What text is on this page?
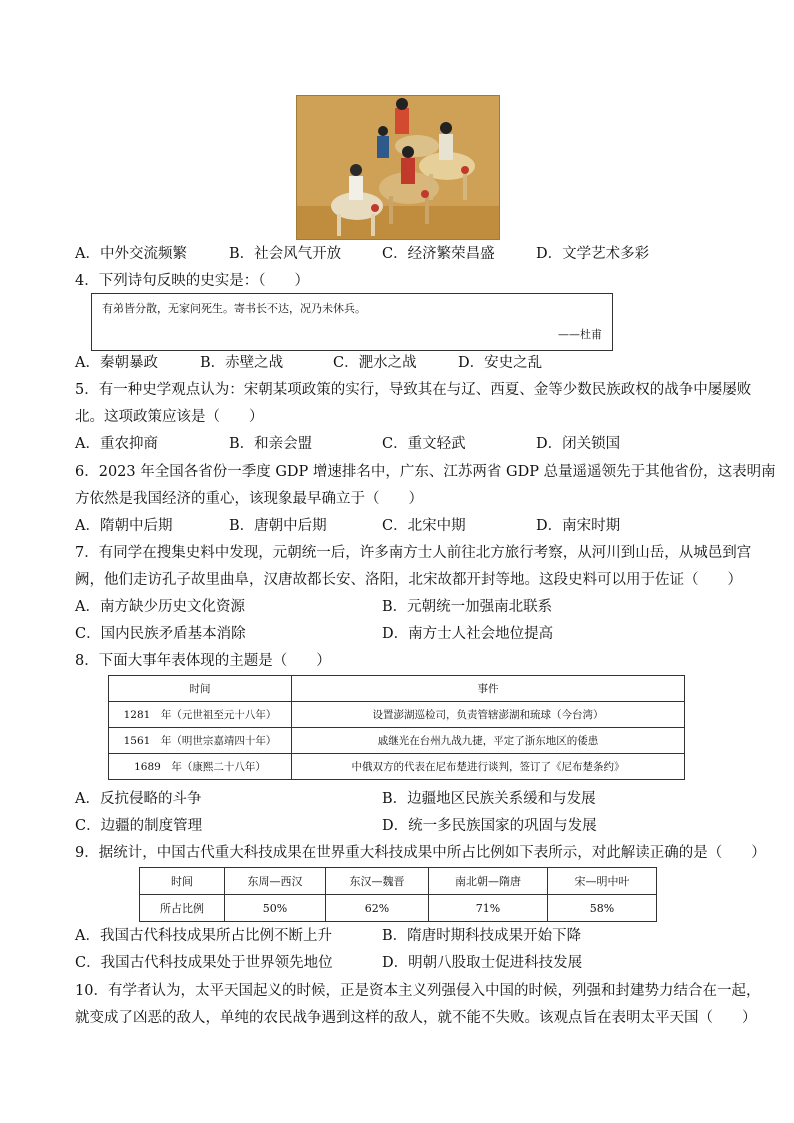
A．中外交流频繁	B．社会风气开放	C．经济繁荣昌盛	D．文学艺术多彩
4．下列诗句反映的史实是：（　　）
有弟皆分散，无家问死生。寄书长不达，况乃未休兵。
——杜甫
A．秦朝暴政	B．赤壁之战	C．淝水之战	D．安史之乱
5．有一种史学观点认为：宋朝某项政策的实行，导致其在与辽、西夏、金等少数民族政权的战争中屡屡败
北。这项政策应该是（　　）
A．重农抑商	B．和亲会盟	C．重文轻武	D．闭关锁国
6．2023 年全国各省份一季度 GDP 增速排名中，广东、江苏两省 GDP 总量遥遥领先于其他省份，这表明南
方依然是我国经济的重心，该现象最早确立于（　　）
A．隋朝中后期	B．唐朝中后期	C．北宋中期	D．南宋时期
7．有同学在搜集史料中发现，元朝统一后，许多南方士人前往北方旅行考察，从河川到山岳，从城邑到宫
阙，他们走访孔子故里曲阜，汉唐故都长安、洛阳，北宋故都开封等地。这段史料可以用于佐证（　　）
A．南方缺少历史文化资源	B．元朝统一加强南北联系
C．国内民族矛盾基本消除	D．南方士人社会地位提高
8．下面大事年表体现的主题是（　　）
时间	事件
1281　年（元世祖至元十八年）	设置澎湖巡检司，负责管辖澎湖和琉球（今台湾）
1561　年（明世宗嘉靖四十年）	戚继光在台州九战九捷，平定了浙东地区的倭患
1689　年（康熙二十八年）	中俄双方的代表在尼布楚进行谈判，签订了《尼布楚条约》
A．反抗侵略的斗争	B．边疆地区民族关系缓和与发展
C．边疆的制度管理	D．统一多民族国家的巩固与发展
9．据统计，中国古代重大科技成果在世界重大科技成果中所占比例如下表所示，对此解读正确的是（　　）
时间	东周—西汉	东汉—魏晋	南北朝—隋唐	宋—明中叶
所占比例	50%	62%	71%	58%
A．我国古代科技成果所占比例不断上升	B．隋唐时期科技成果开始下降
C．我国古代科技成果处于世界领先地位	D．明朝八股取士促进科技发展
10．有学者认为，太平天国起义的时候，正是资本主义列强侵入中国的时候，列强和封建势力结合在一起，
就变成了凶恶的敌人，单纯的农民战争遇到这样的敌人，就不能不失败。该观点旨在表明太平天国（　　）
